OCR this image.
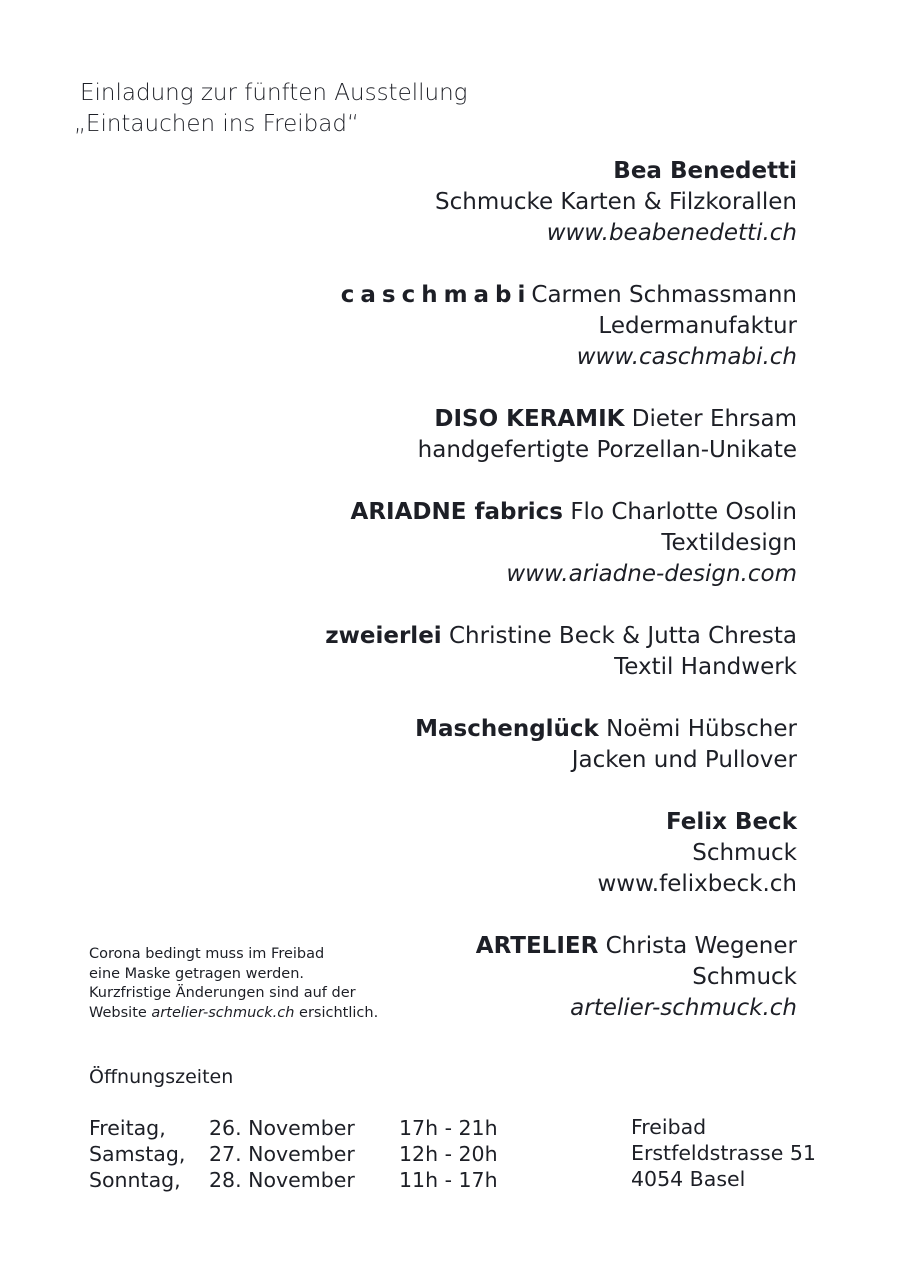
Einladung zur fünften Ausstellung
„Eintauchen ins Freibad“
Bea Benedetti
Schmucke Karten & Filzkorallen
www.beabenedetti.ch
caschmabiCarmen Schmassmann
Ledermanufaktur
www.caschmabi.ch
DISO KERAMIK Dieter Ehrsam
handgefertigte Porzellan-Unikate
ARIADNE fabrics Flo Charlotte Osolin
Textildesign
www.ariadne-design.com
zweierlei Christine Beck & Jutta Chresta
Textil Handwerk
Maschenglück Noëmi Hübscher
Jacken und Pullover
Felix Beck
Schmuck
www.felixbeck.ch
ARTELIER Christa Wegener
Schmuck
artelier-schmuck.ch
Corona bedingt muss im Freibad
eine Maske getragen werden.
Kurzfristige Änderungen sind auf der
Website artelier-schmuck.ch ersichtlich.
Öffnungszeiten
Freitag, 26. November 17h - 21h
Samstag, 27. November 12h - 20h
Sonntag, 28. November 11h - 17h
Freibad
Erstfeldstrasse 51
4054 Basel
